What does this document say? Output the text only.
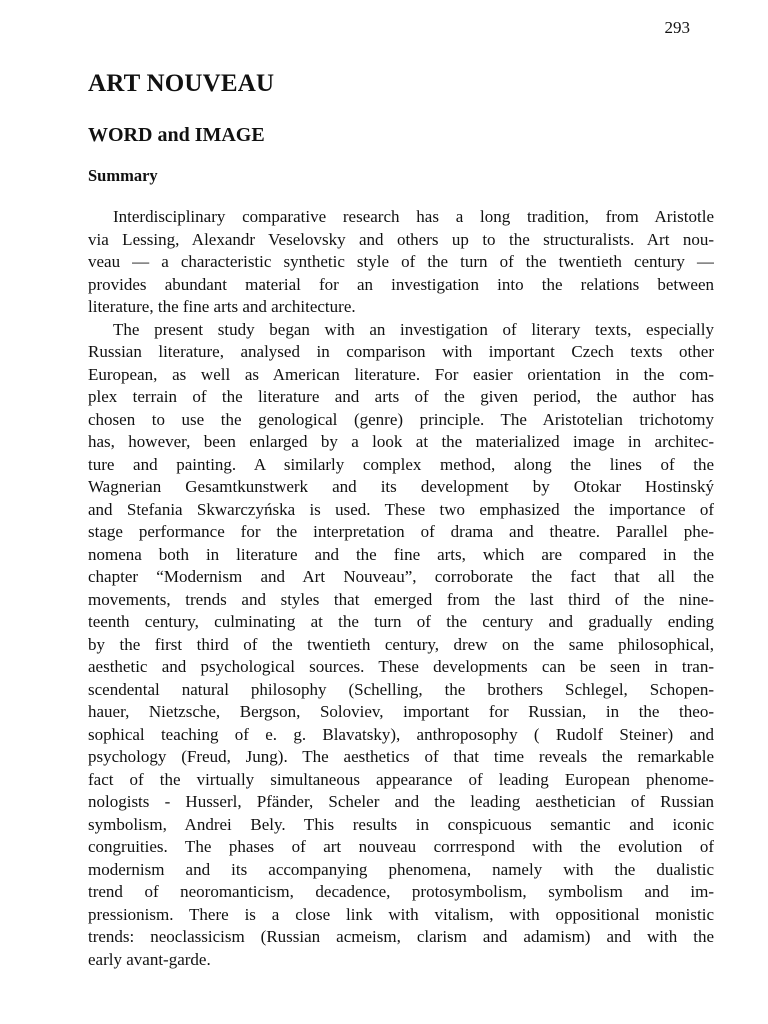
293
ART NOUVEAU
WORD and IMAGE
Summary
Interdisciplinary comparative research has a long tradition, from Aristotle
via Lessing, Alexandr Veselovsky and others up to the structuralists. Art nou-
veau — a characteristic synthetic style of the turn of the twentieth century —
provides abundant material for an investigation into the relations between
literature, the fine arts and architecture.
The present study began with an investigation of literary texts, especially
Russian literature, analysed in comparison with important Czech texts other
European, as well as American literature. For easier orientation in the com-
plex terrain of the literature and arts of the given period, the author has
chosen to use the genological (genre) principle. The Aristotelian trichotomy
has, however, been enlarged by a look at the materialized image in architec-
ture and painting. A similarly complex method, along the lines of the
Wagnerian Gesamtkunstwerk and its development by Otokar Hostinský
and Stefania Skwarczyńska is used. These two emphasized the importance of
stage performance for the interpretation of drama and theatre. Parallel phe-
nomena both in literature and the fine arts, which are compared in the
chapter “Modernism and Art Nouveau”, corroborate the fact that all the
movements, trends and styles that emerged from the last third of the nine-
teenth century, culminating at the turn of the century and gradually ending
by the first third of the twentieth century, drew on the same philosophical,
aesthetic and psychological sources. These developments can be seen in tran-
scendental natural philosophy (Schelling, the brothers Schlegel, Schopen-
hauer, Nietzsche, Bergson, Soloviev, important for Russian, in the theo-
sophical teaching of e. g. Blavatsky), anthroposophy ( Rudolf Steiner) and
psychology (Freud, Jung). The aesthetics of that time reveals the remarkable
fact of the virtually simultaneous appearance of leading European phenome-
nologists - Husserl, Pfänder, Scheler and the leading aesthetician of Russian
symbolism, Andrei Bely. This results in conspicuous semantic and iconic
congruities. The phases of art nouveau corrrespond with the evolution of
modernism and its accompanying phenomena, namely with the dualistic
trend of neoromanticism, decadence, protosymbolism, symbolism and im-
pressionism. There is a close link with vitalism, with oppositional monistic
trends: neoclassicism (Russian acmeism, clarism and adamism) and with the
early avant-garde.
